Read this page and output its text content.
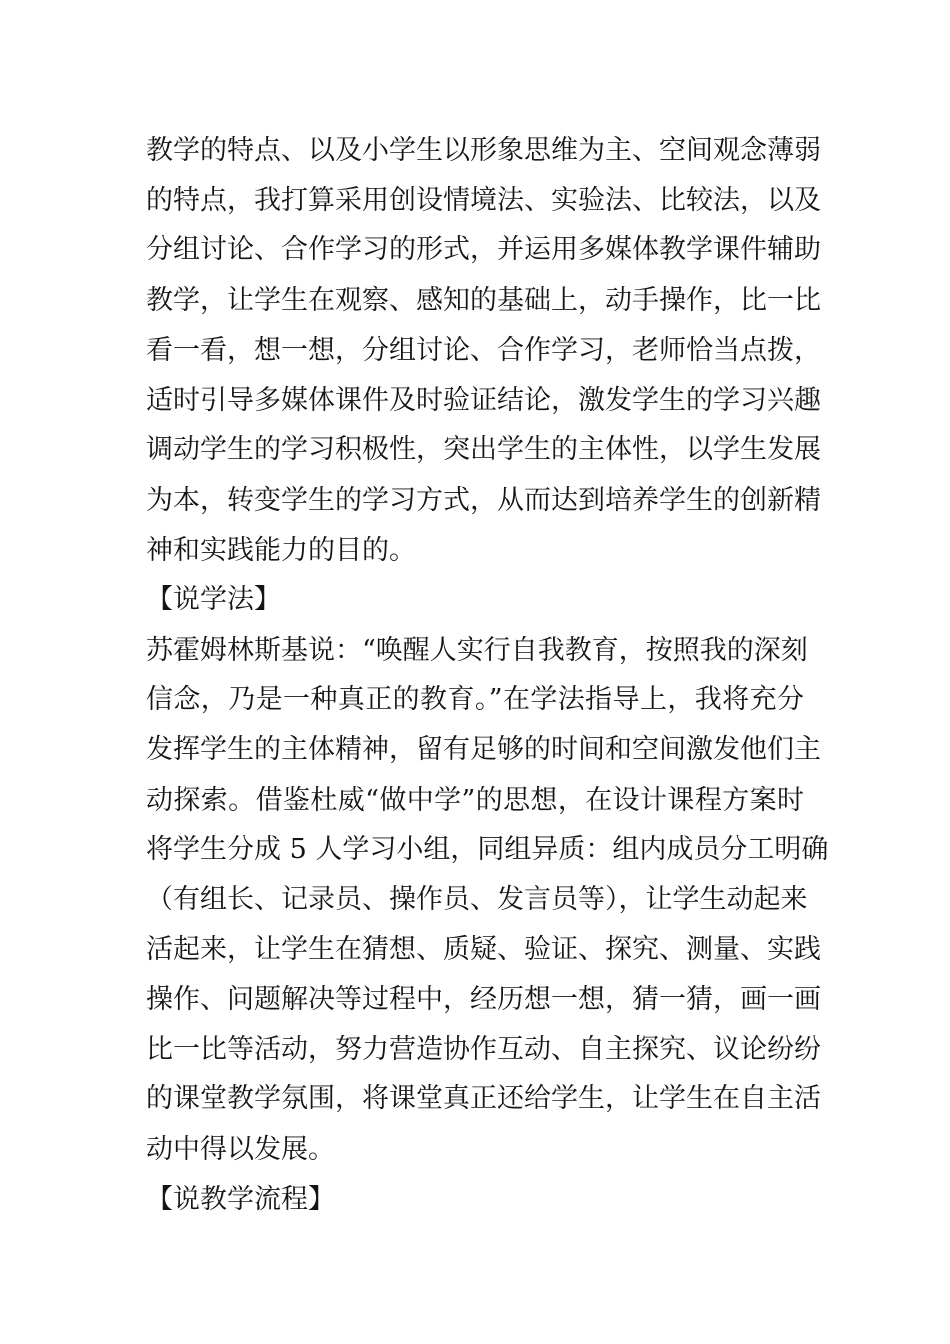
教学的特点、以及小学生以形象思维为主、空间观念薄弱
的特点，我打算采用创设情境法、实验法、比较法，以及
分组讨论、合作学习的形式，并运用多媒体教学课件辅助
教学，让学生在观察、感知的基础上，动手操作，比一比
看一看，想一想，分组讨论、合作学习，老师恰当点拨，
适时引导多媒体课件及时验证结论，激发学生的学习兴趣
调动学生的学习积极性，突出学生的主体性，以学生发展
为本，转变学生的学习方式，从而达到培养学生的创新精
神和实践能力的目的。
【说学法】
苏霍姆林斯基说：“唤醒人实行自我教育，按照我的深刻
信念，乃是一种真正的教育。”在学法指导上，我将充分
发挥学生的主体精神，留有足够的时间和空间激发他们主
动探索。借鉴杜威“做中学”的思想，在设计课程方案时
将学生分成 5 人学习小组，同组异质：组内成员分工明确
（有组长、记录员、操作员、发言员等），让学生动起来
活起来，让学生在猜想、质疑、验证、探究、测量、实践
操作、问题解决等过程中，经历想一想，猜一猜，画一画
比一比等活动，努力营造协作互动、自主探究、议论纷纷
的课堂教学氛围，将课堂真正还给学生，让学生在自主活
动中得以发展。
【说教学流程】
